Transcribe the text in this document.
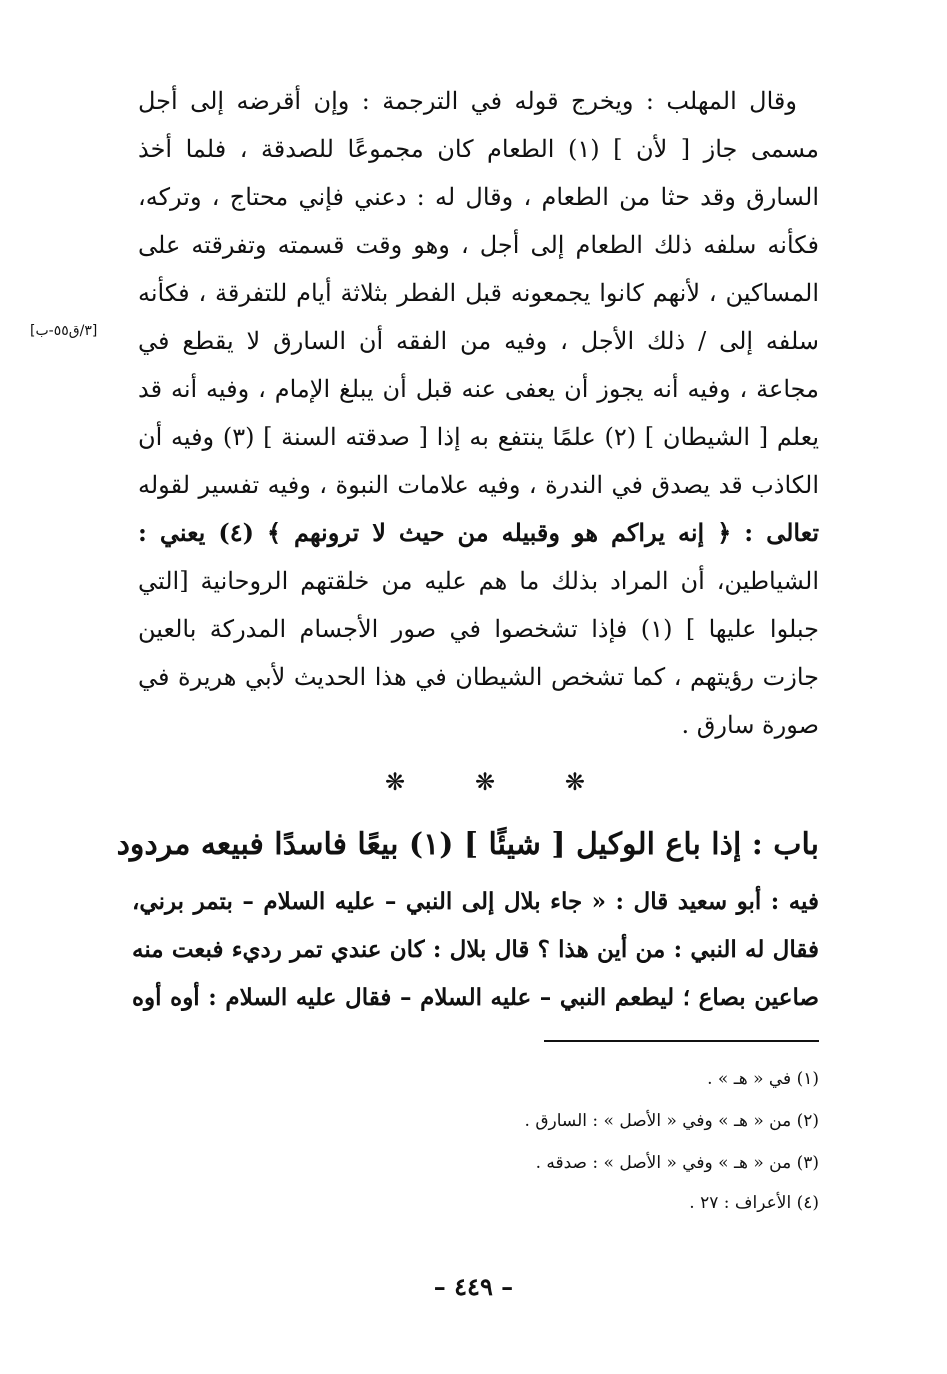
وقال المهلب : ويخرج قوله في الترجمة : وإن أقرضه إلى أجل
مسمى جاز [ لأن ] (١) الطعام كان مجموعًا للصدقة ، فلما أخذ
السارق وقد حثا من الطعام ، وقال له : دعني فإني محتاج ، وتركه،
فكأنه سلفه ذلك الطعام إلى أجل ، وهو وقت قسمته وتفرقته على
المساكين ، لأنهم كانوا يجمعونه قبل الفطر بثلاثة أيام للتفرقة ، فكأنه
سلفه إلى / ذلك الأجل ، وفيه من الفقه أن السارق لا يقطع في
مجاعة ، وفيه أنه يجوز أن يعفى عنه قبل أن يبلغ الإمام ، وفيه أنه قد
يعلم [ الشيطان ] (٢) علمًا ينتفع به إذا [ صدقته السنة ] (٣) وفيه أن
الكاذب قد يصدق في الندرة ، وفيه علامات النبوة ، وفيه تفسير لقوله
تعالى : ﴿ إنه يراكم هو وقبيله من حيث لا ترونهم ﴾ (٤) يعني :
الشياطين، أن المراد بذلك ما هم عليه من خلقتهم الروحانية [التي
جبلوا عليها ] (١) فإذا تشخصوا في صور الأجسام المدركة بالعين
جازت رؤيتهم ، كما تشخص الشيطان في هذا الحديث لأبي هريرة في
صورة سارق .
[٣/ق٥٥-ب]
❋	❋	❋
باب : إذا باع الوكيل [ شيئًا ] (١) بيعًا فاسدًا فبيعه مردود
فيه : أبو سعيد قال : « جاء بلال إلى النبي – عليه السلام – بتمر برني،
فقال له النبي : من أين هذا ؟ قال بلال : كان عندي تمر رديء فبعت منه
صاعين بصاع ؛ ليطعم النبي – عليه السلام – فقال عليه السلام : أوه أوه
(١) في « هـ » .
(٢) من « هـ » وفي « الأصل » : السارق .
(٣) من « هـ » وفي « الأصل » : صدقه .
(٤) الأعراف : ٢٧ .
– ٤٤٩ –
